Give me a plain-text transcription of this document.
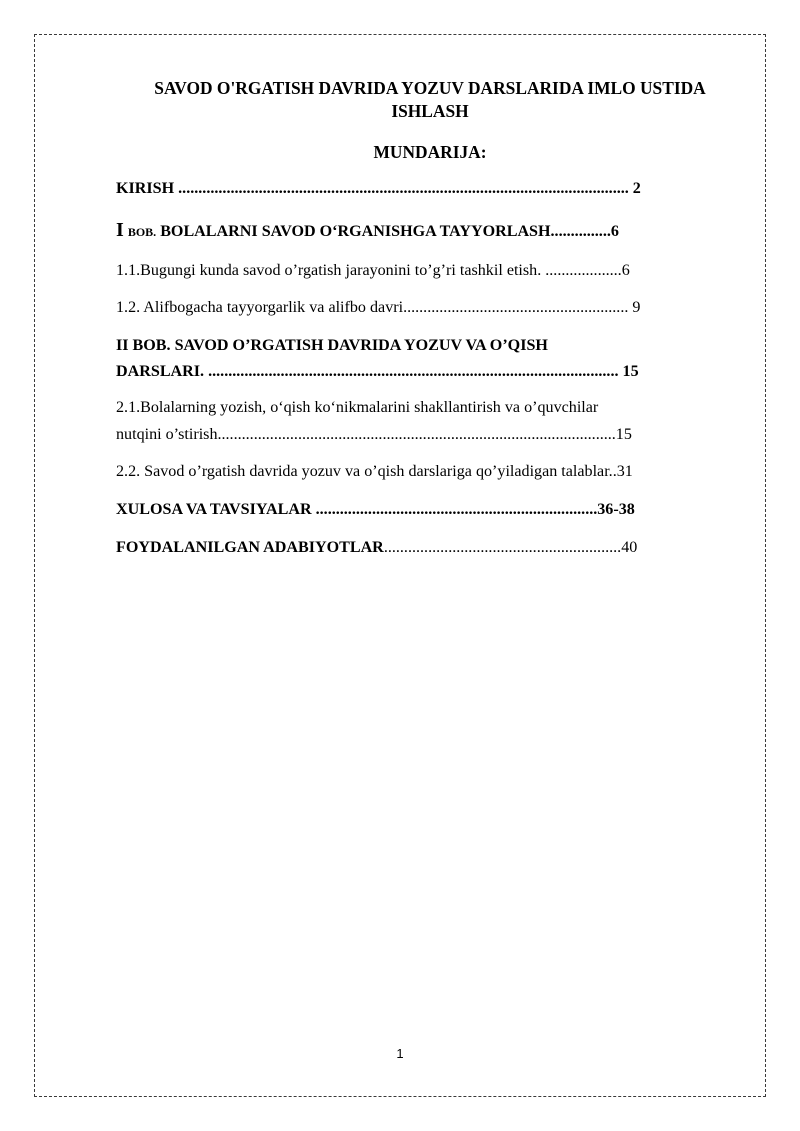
SAVOD O'RGATISH DAVRIDA YOZUV DARSLARIDA IMLO USTIDA
ISHLASH
MUNDARIJA:
KIRISH ................................................................................................................ 2
I BOB. BOLALARNI SAVOD O‘RGANISHGA TAYYORLASH...............6
1.1.Bugungi kunda savod o’rgatish jarayonini to’g’ri tashkil etish. ...................6
1.2. Alifbogacha tayyorgarlik va alifbo davri........................................................ 9
II BOB. SAVOD O’RGATISH DAVRIDA YOZUV VA O’QISH
DARSLARI. ...................................................................................................... 15
2.1.Bolalarning yozish, o‘qish ko‘nikmalarini shakllantirish va o’quvchilar
nutqini o’stirish...................................................................................................15
2.2. Savod o’rgatish davrida yozuv va o’qish darslariga qo’yiladigan talablar..31
XULOSA VA TAVSIYALAR ......................................................................36-38
FOYDALANILGAN ADABIYOTLAR...........................................................40
1
